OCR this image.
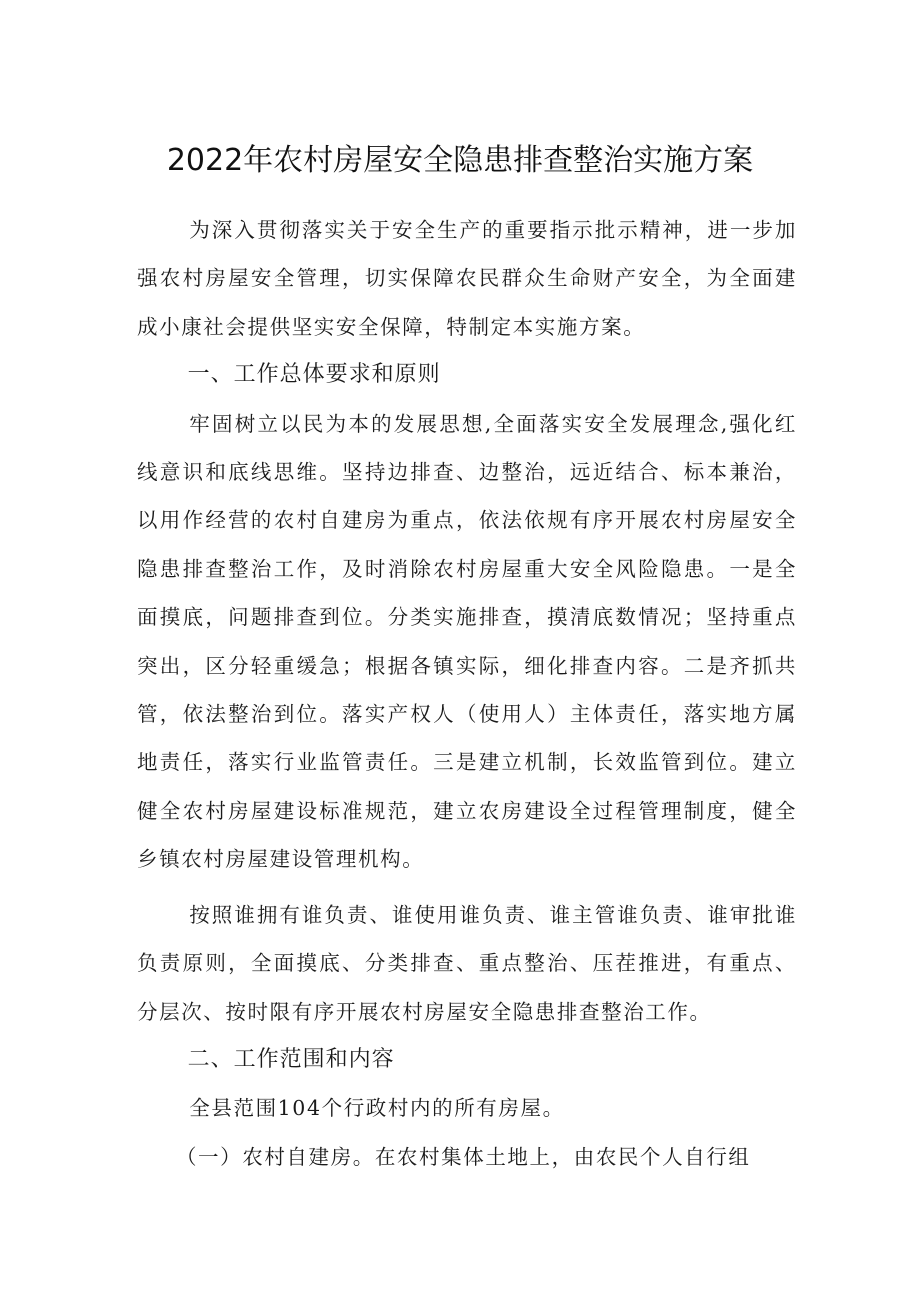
2022年农村房屋安全隐患排查整治实施方案

为深入贯彻落实关于安全生产的重要指示批示精神，进一步加强农村房屋安全管理，切实保障农民群众生命财产安全，为全面建成小康社会提供坚实安全保障，特制定本实施方案。

一、工作总体要求和原则

牢固树立以民为本的发展思想,全面落实安全发展理念,强化红线意识和底线思维。坚持边排查、边整治，远近结合、标本兼治，以用作经营的农村自建房为重点，依法依规有序开展农村房屋安全隐患排查整治工作，及时消除农村房屋重大安全风险隐患。一是全面摸底，问题排查到位。分类实施排查，摸清底数情况；坚持重点突出，区分轻重缓急；根据各镇实际，细化排查内容。二是齐抓共管，依法整治到位。落实产权人（使用人）主体责任，落实地方属地责任，落实行业监管责任。三是建立机制，长效监管到位。建立健全农村房屋建设标准规范，建立农房建设全过程管理制度，健全乡镇农村房屋建设管理机构。

按照谁拥有谁负责、谁使用谁负责、谁主管谁负责、谁审批谁负责原则，全面摸底、分类排查、重点整治、压茬推进，有重点、分层次、按时限有序开展农村房屋安全隐患排查整治工作。

二、工作范围和内容

全县范围104个行政村内的所有房屋。

（一）农村自建房。在农村集体土地上，由农民个人自行组
